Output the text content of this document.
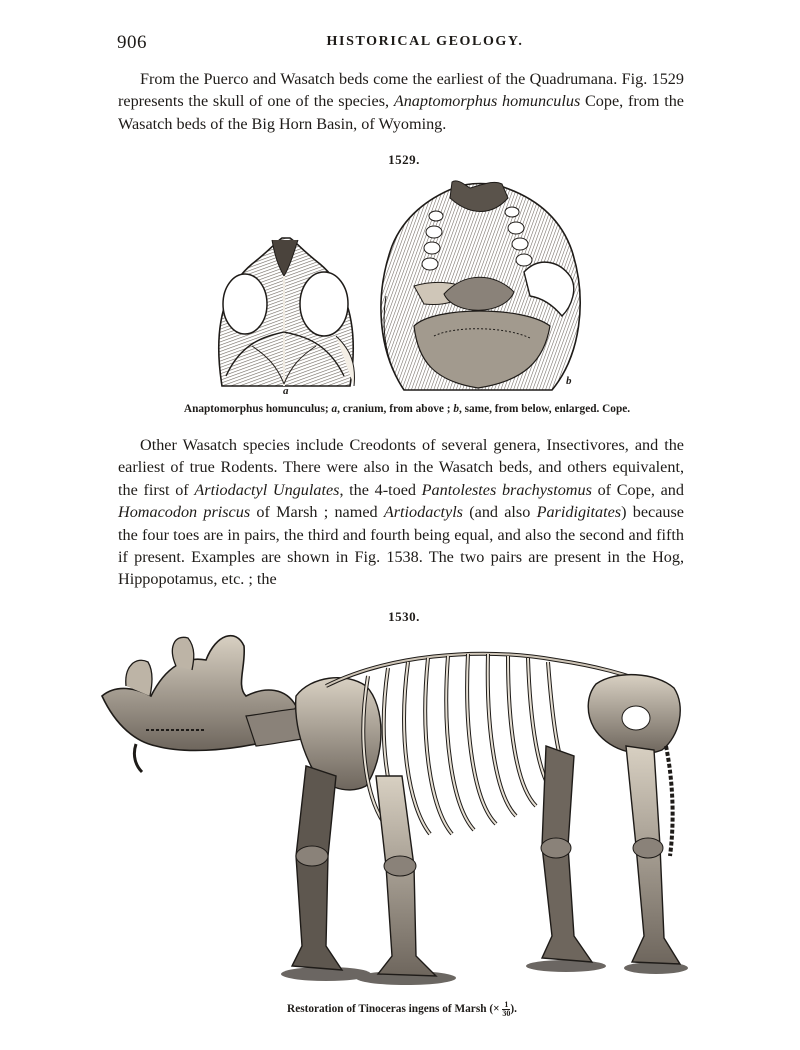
906	HISTORICAL GEOLOGY.

From the Puerco and Wasatch beds come the earliest of the Quadrumana. Fig. 1529 represents the skull of one of the species, Anaptomorphus homunculus Cope, from the Wasatch beds of the Big Horn Basin, of Wyoming.

1529.
a
b
Anaptomorphus homunculus; a, cranium, from above ; b, same, from below, enlarged. Cope.

Other Wasatch species include Creodonts of several genera, Insectivores, and the earliest of true Rodents. There were also in the Wasatch beds, and others equivalent, the first of Artiodactyl Ungulates, the 4-toed Pantolestes brachystomus of Cope, and Homacodon priscus of Marsh ; named Artiodactyls (and also Paridigitates) because the four toes are in pairs, the third and fourth being equal, and also the second and fifth if present. Examples are shown in Fig. 1538. The two pairs are present in the Hog, Hippopotamus, etc. ; the

1530.
Restoration of Tinoceras ingens of Marsh (× $\frac{1}{30}$ ).
